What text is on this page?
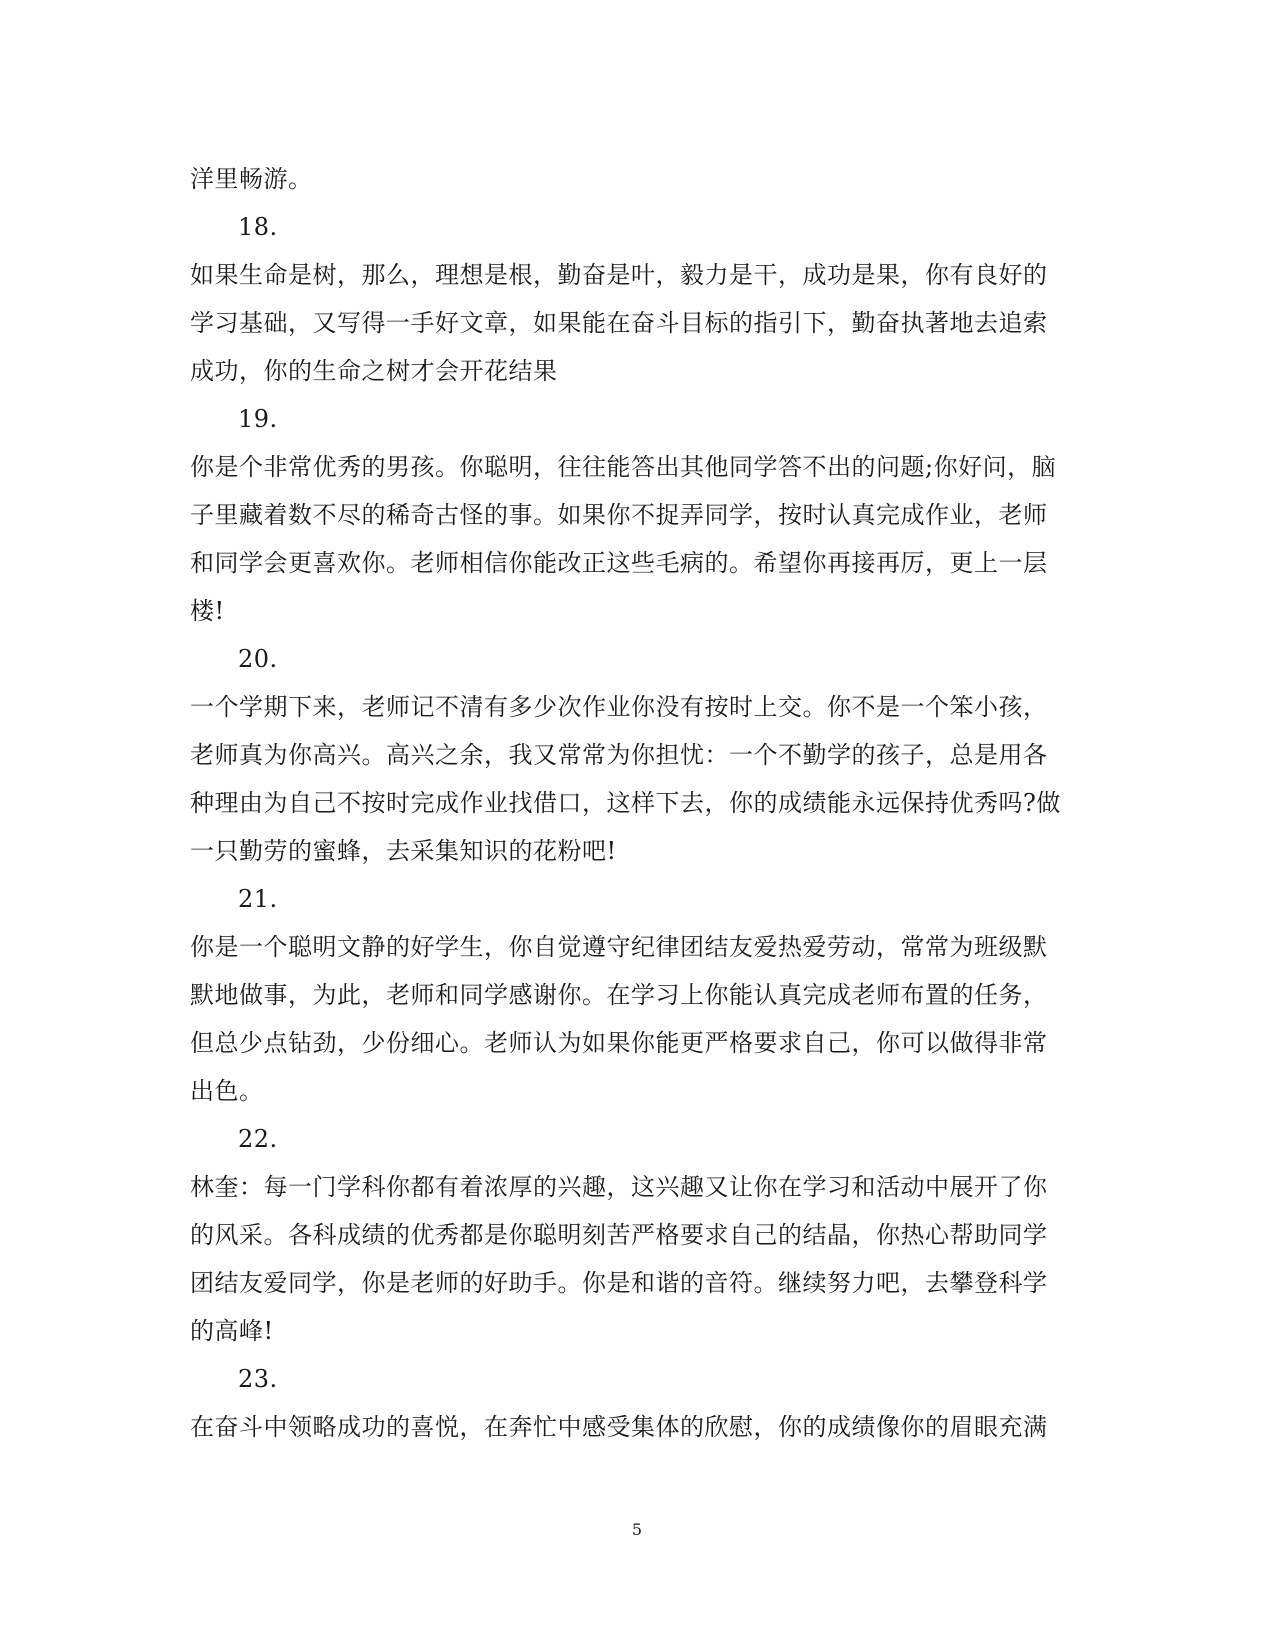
洋里畅游。
18.
如果生命是树，那么，理想是根，勤奋是叶，毅力是干，成功是果，你有良好的
学习基础，又写得一手好文章，如果能在奋斗目标的指引下，勤奋执著地去追索
成功，你的生命之树才会开花结果
19.
你是个非常优秀的男孩。你聪明，往往能答出其他同学答不出的问题;你好问，脑
子里藏着数不尽的稀奇古怪的事。如果你不捉弄同学，按时认真完成作业，老师
和同学会更喜欢你。老师相信你能改正这些毛病的。希望你再接再厉，更上一层
楼!
20.
一个学期下来，老师记不清有多少次作业你没有按时上交。你不是一个笨小孩，
老师真为你高兴。高兴之余，我又常常为你担忧：一个不勤学的孩子，总是用各
种理由为自己不按时完成作业找借口，这样下去，你的成绩能永远保持优秀吗?做
一只勤劳的蜜蜂，去采集知识的花粉吧!
21.
你是一个聪明文静的好学生，你自觉遵守纪律团结友爱热爱劳动，常常为班级默
默地做事，为此，老师和同学感谢你。在学习上你能认真完成老师布置的任务，
但总少点钻劲，少份细心。老师认为如果你能更严格要求自己，你可以做得非常
出色。
22.
林奎：每一门学科你都有着浓厚的兴趣，这兴趣又让你在学习和活动中展开了你
的风采。各科成绩的优秀都是你聪明刻苦严格要求自己的结晶，你热心帮助同学
团结友爱同学，你是老师的好助手。你是和谐的音符。继续努力吧，去攀登科学
的高峰!
23.
在奋斗中领略成功的喜悦，在奔忙中感受集体的欣慰，你的成绩像你的眉眼充满
5
